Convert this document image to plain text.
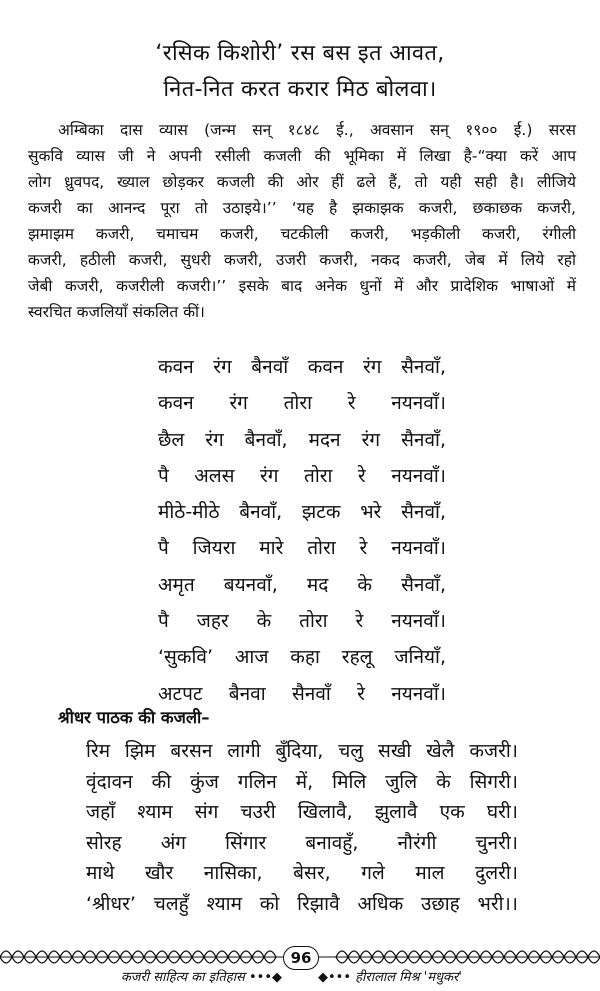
‘रसिक किशोरी’ रस बस इत आवत,
नित-नित करत करार मिठ बोलवा।
अम्बिका दास व्यास (जन्म सन् १८४८ ई., अवसान सन् १९०० ई.) सरस
सुकवि व्यास जी ने अपनी रसीली कजली की भूमिका में लिखा है-“क्या करें आप
लोग ध्रुवपद, ख्याल छोड़कर कजली की ओर हीं ढले हैं, तो यही सही है। लीजिये
कजरी का आनन्द पूरा तो उठाइये।’’ ‘यह है झकाझक कजरी, छकाछक कजरी,
झमाझम कजरी, चमाचम कजरी, चटकीली कजरी, भड़कीली कजरी, रंगीली
कजरी, हठीली कजरी, सुधरी कजरी, उजरी कजरी, नकद कजरी, जेब में लिये रहो
जेबी कजरी, कजरीली कजरी।’’ इसके बाद अनेक धुनों में और प्रादेशिक भाषाओं में
स्वरचित कजलियाँ संकलित कीं।
कवन रंग बैनवाँ कवन रंग सैनवाँ,
कवन रंग तोरा रे नयनवाँ।
छैल रंग बैनवाँ, मदन रंग सैनवाँ,
पै अलस रंग तोरा रे नयनवाँ।
मीठे-मीठे बैनवाँ, झटक भरे सैनवाँ,
पै जियरा मारे तोरा रे नयनवाँ।
अमृत बयनवाँ, मद के सैनवाँ,
पै जहर के तोरा रे नयनवाँ।
‘सुकवि’ आज कहा रहलू जनियाँ,
अटपट बैनवा सैनवाँ रे नयनवाँ।
श्रीधर पाठक की कजली–
रिम झिम बरसन लागी बुँदिया, चलु सखी खेलै कजरी।
वृंदावन की कुंज गलिन में, मिलि जुलि के सिगरी।
जहाँ श्याम संग चउरी खिलावै, झुलावै एक घरी।
सोरह अंग सिंगार बनावहुँ, नौरंगी चुनरी।
माथे खौर नासिका, बेसर, गले माल दुलरी।
‘श्रीधर’ चलहुँ श्याम को रिझावै अधिक उछाह भरी।।
96
कजरी साहित्य का इतिहास •••◆	◆••• हीरालाल मिश्र 'मधुकर'
